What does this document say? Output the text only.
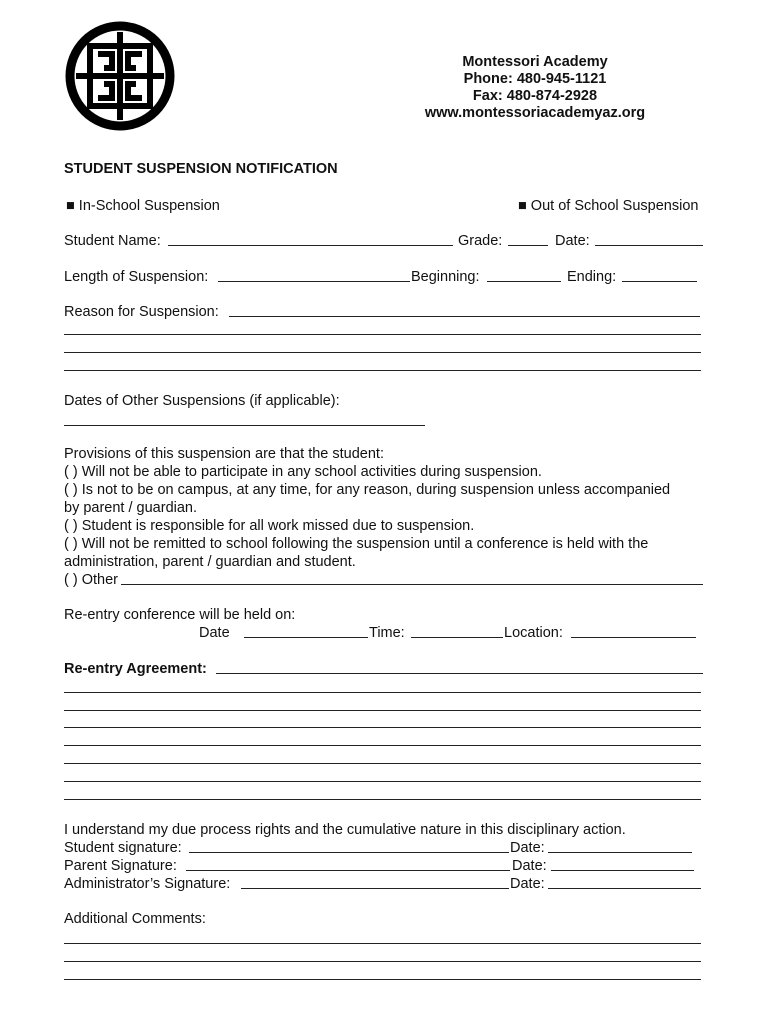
Montessori Academy
Phone: 480-945-1121
Fax: 480-874-2928
www.montessoriacademyaz.org
STUDENT SUSPENSION NOTIFICATION
■ In-School Suspension	■ Out of School Suspension
Student Name:	Grade:	Date:
Length of Suspension:	Beginning:	Ending:
Reason for Suspension:
Dates of Other Suspensions (if applicable):
Provisions of this suspension are that the student:
( ) Will not be able to participate in any school activities during suspension.
( ) Is not to be on campus, at any time, for any reason, during suspension unless accompanied
by parent / guardian.
( ) Student is responsible for all work missed due to suspension.
( ) Will not be remitted to school following the suspension until a conference is held with the
administration, parent / guardian and student.
( ) Other
Re-entry conference will be held on:
Date	Time:	Location:
Re-entry Agreement:
I understand my due process rights and the cumulative nature in this disciplinary action.
Student signature:	Date:
Parent Signature:	Date:
Administrator’s Signature:	Date:
Additional Comments:
